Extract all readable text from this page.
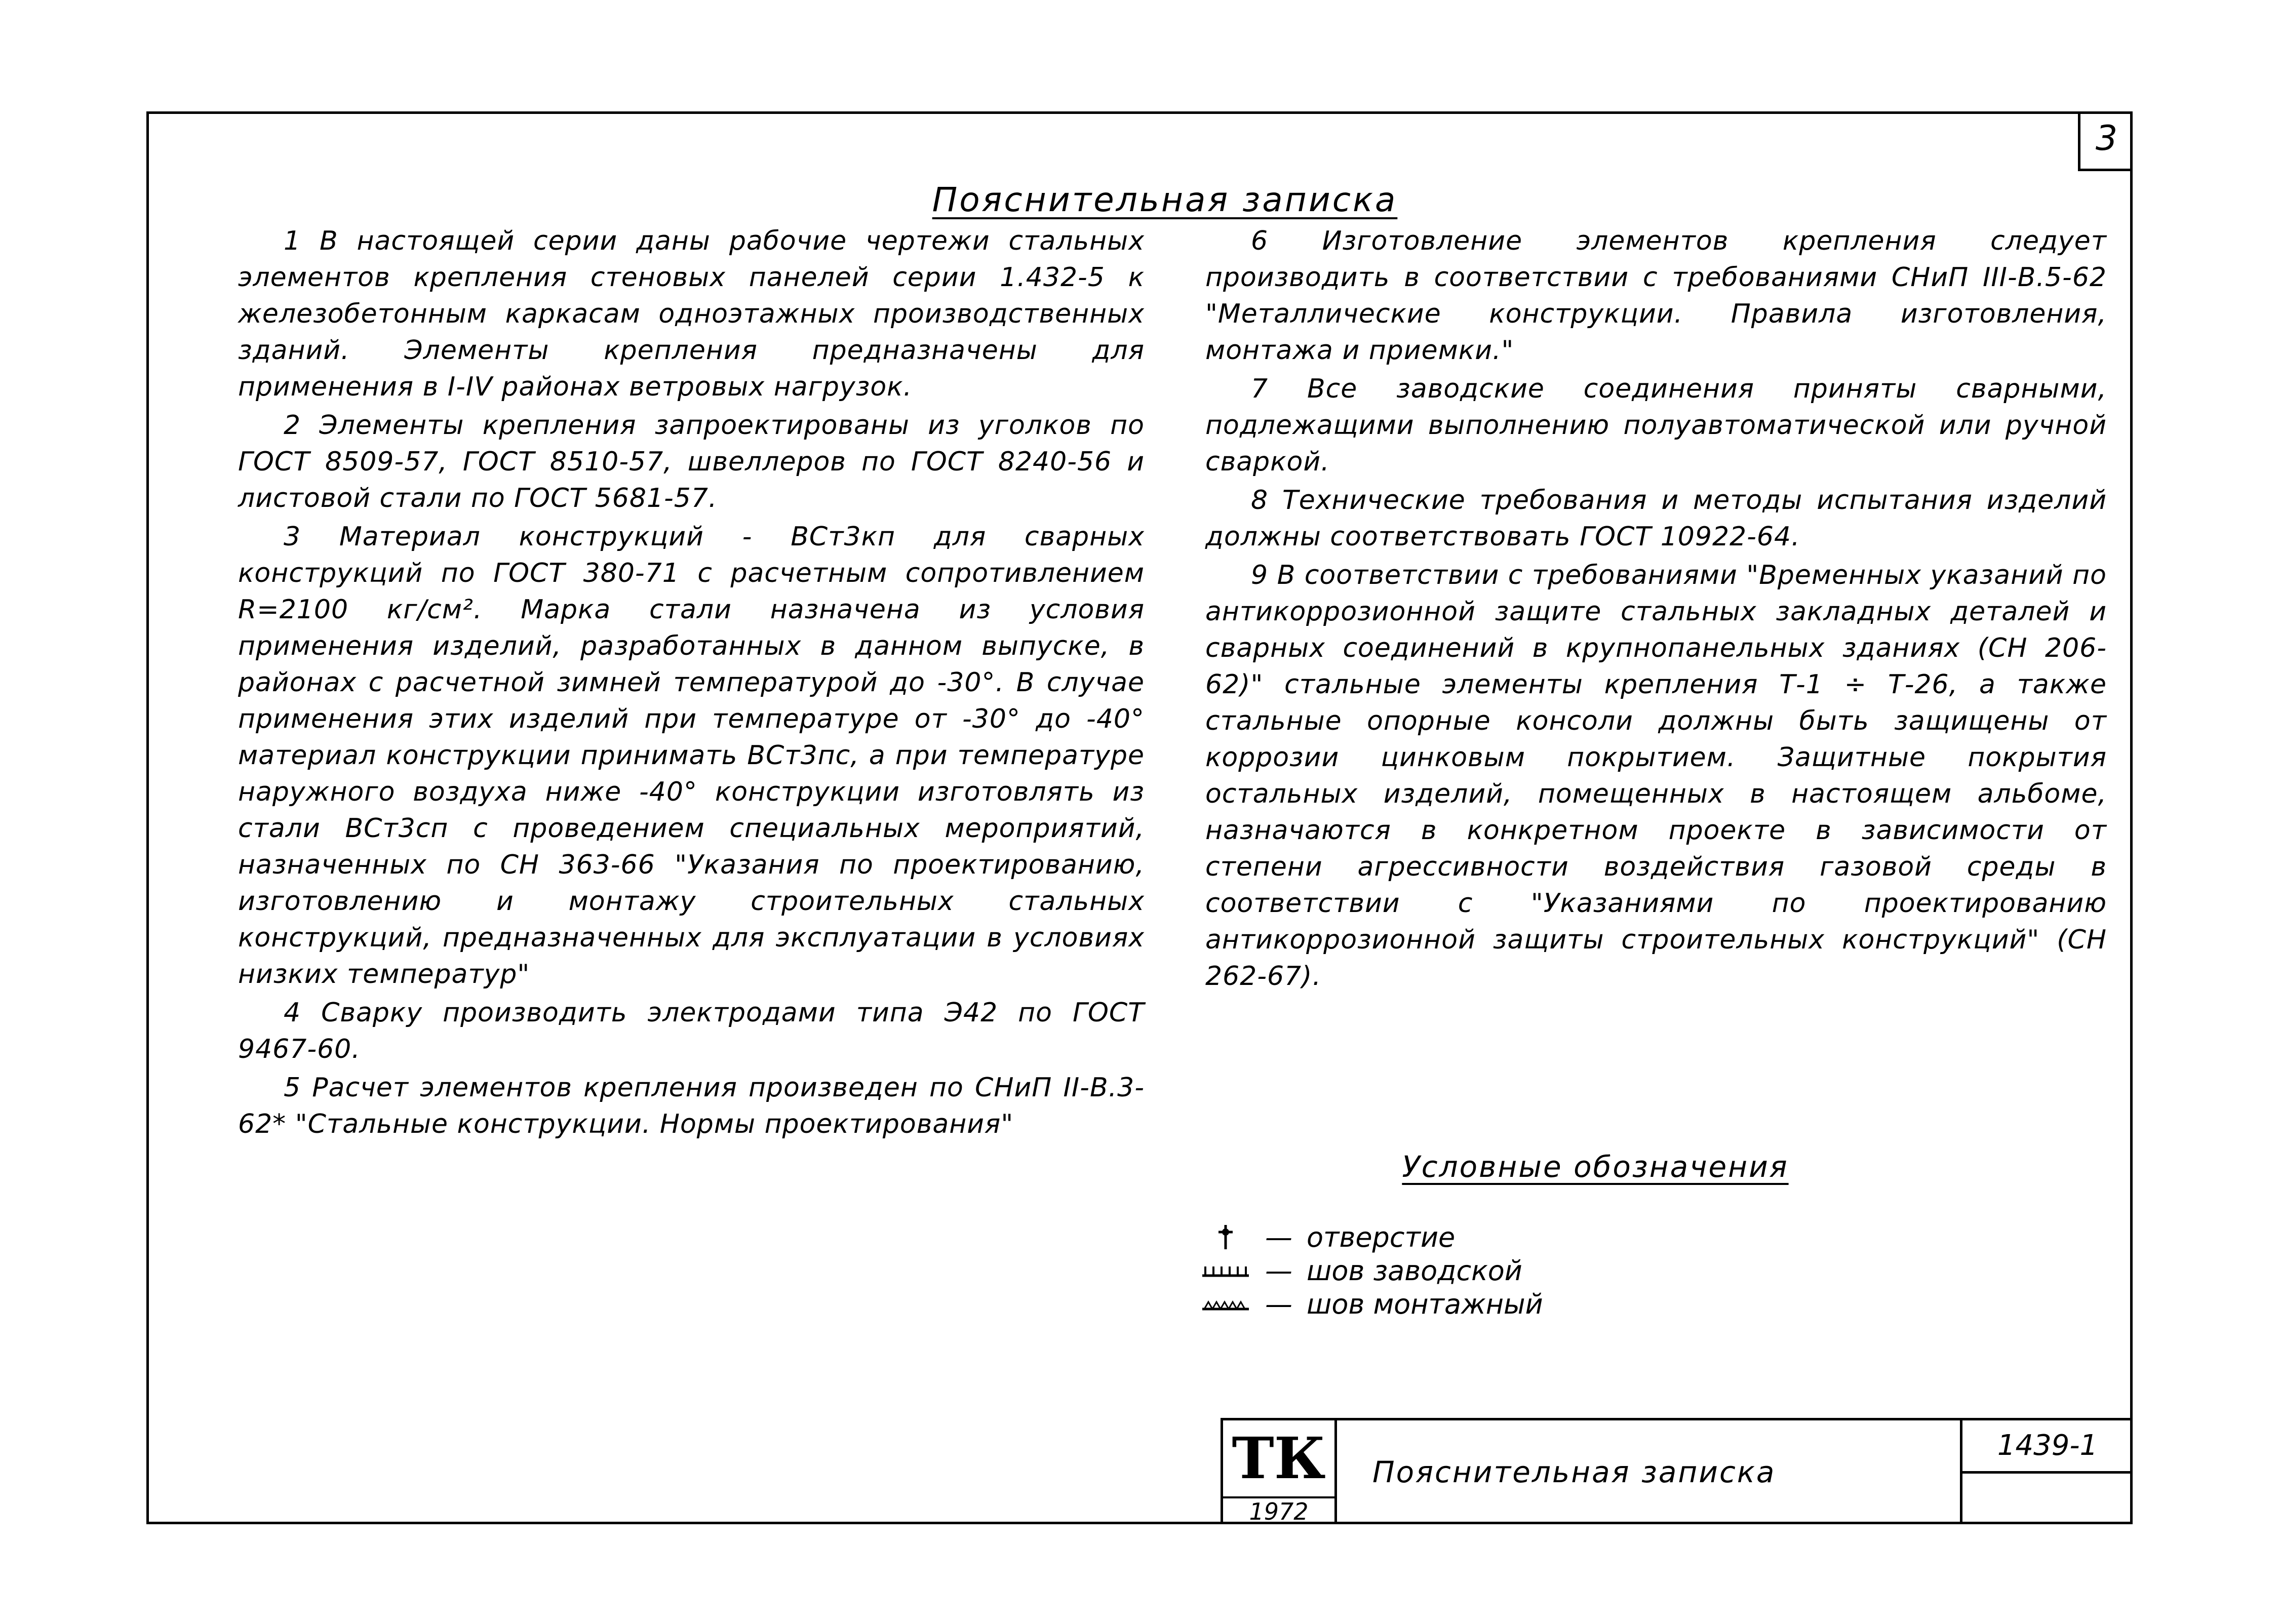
3
Пояснительная записка

1 В настоящей серии даны рабочие чертежи стальных элементов крепления стеновых панелей серии 1.432-5 к железобетонным каркасам одноэтажных производственных зданий. Элементы крепления предназначены для применения в I-IV районах ветровых нагрузок.

2 Элементы крепления запроектированы из уголков по ГОСТ 8509-57, ГОСТ 8510-57, швеллеров по ГОСТ 8240-56 и листовой стали по ГОСТ 5681-57.

3 Материал конструкций - ВСт3кп для сварных конструкций по ГОСТ 380-71 с расчетным сопротивлением R=2100 кг/см². Марка стали назначена из условия применения изделий, разработанных в данном выпуске, в районах с расчетной зимней температурой до -30°. В случае применения этих изделий при температуре от -30° до -40° материал конструкции принимать ВСт3пс, а при температуре наружного воздуха ниже -40° конструкции изготовлять из стали ВСт3сп с проведением специальных мероприятий, назначенных по СН 363-66 "Указания по проектированию, изготовлению и монтажу строительных стальных конструкций, предназначенных для эксплуатации в условиях низких температур"

4 Сварку производить электродами типа Э42 по ГОСТ 9467-60.

5 Расчет элементов крепления произведен по СНиП II-В.3-62* "Стальные конструкции. Нормы проектирования"

6 Изготовление элементов крепления следует производить в соответствии с требованиями СНиП III-В.5-62 "Металлические конструкции. Правила изготовления, монтажа и приемки."

7 Все заводские соединения приняты сварными, подлежащими выполнению полуавтоматической или ручной сваркой.

8 Технические требования и методы испытания изделий должны соответствовать ГОСТ 10922-64.

9 В соответствии с требованиями "Временных указаний по антикоррозионной защите стальных закладных деталей и сварных соединений в крупнопанельных зданиях (СН 206-62)" стальные элементы крепления Т-1 ÷ Т-26, а также стальные опорные консоли должны быть защищены от коррозии цинковым покрытием. Защитные покрытия остальных изделий, помещенных в настоящем альбоме, назначаются в конкретном проекте в зависимости от степени агрессивности воздействия газовой среды в соответствии с "Указаниями по проектированию антикоррозионной защиты строительных конструкций" (СН 262-67).

Условные обозначения
— отверстие
— шов заводской
— шов монтажный
ТК
1972
Пояснительная записка
1439-1
